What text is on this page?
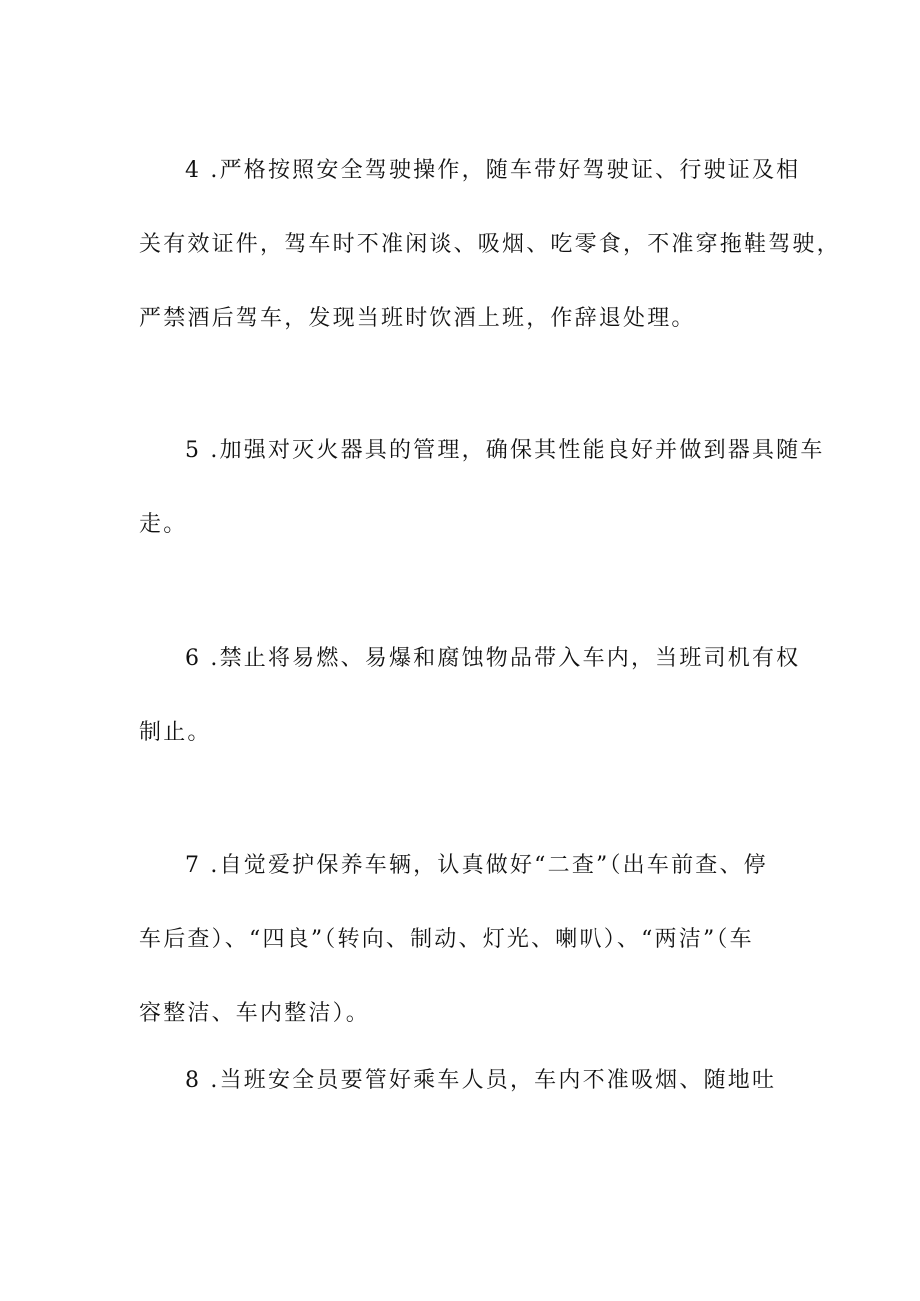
4 .严格按照安全驾驶操作，随车带好驾驶证、行驶证及相
关有效证件，驾车时不准闲谈、吸烟、吃零食，不准穿拖鞋驾驶，
严禁酒后驾车，发现当班时饮酒上班，作辞退处理。
5 .加强对灭火器具的管理，确保其性能良好并做到器具随车
走。
6 .禁止将易燃、易爆和腐蚀物品带入车内，当班司机有权
制止。
7 .自觉爱护保养车辆，认真做好“二查”（出车前查、停
车后查）、“四良”（转向、制动、灯光、喇叭）、“两洁”（车
容整洁、车内整洁）。
8 .当班安全员要管好乘车人员，车内不准吸烟、随地吐
